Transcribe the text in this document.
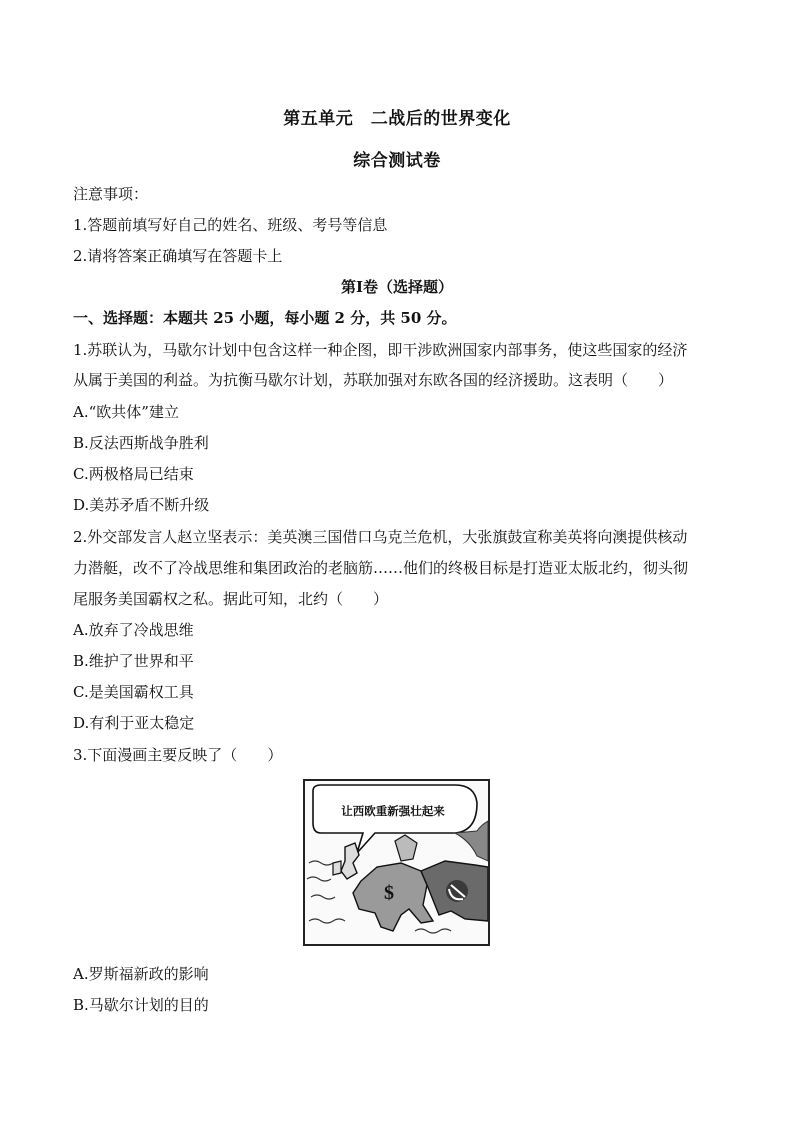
第五单元　二战后的世界变化
综合测试卷
注意事项：
1.答题前填写好自己的姓名、班级、考号等信息
2.请将答案正确填写在答题卡上
第Ⅰ卷（选择题）
一、选择题：本题共 25 小题，每小题 2 分，共 50 分。
1.苏联认为，马歇尔计划中包含这样一种企图，即干涉欧洲国家内部事务，使这些国家的经济
从属于美国的利益。为抗衡马歇尔计划，苏联加强对东欧各国的经济援助。这表明（　　）
A.“欧共体”建立
B.反法西斯战争胜利
C.两极格局已结束
D.美苏矛盾不断升级
2.外交部发言人赵立坚表示：美英澳三国借口乌克兰危机，大张旗鼓宣称美英将向澳提供核动
力潜艇，改不了冷战思维和集团政治的老脑筋……他们的终极目标是打造亚太版北约，彻头彻
尾服务美国霸权之私。据此可知，北约（　　）
A.放弃了冷战思维
B.维护了世界和平
C.是美国霸权工具
D.有利于亚太稳定
3.下面漫画主要反映了（　　）
让西欧重新强壮起来
$
A.罗斯福新政的影响
B.马歇尔计划的目的
